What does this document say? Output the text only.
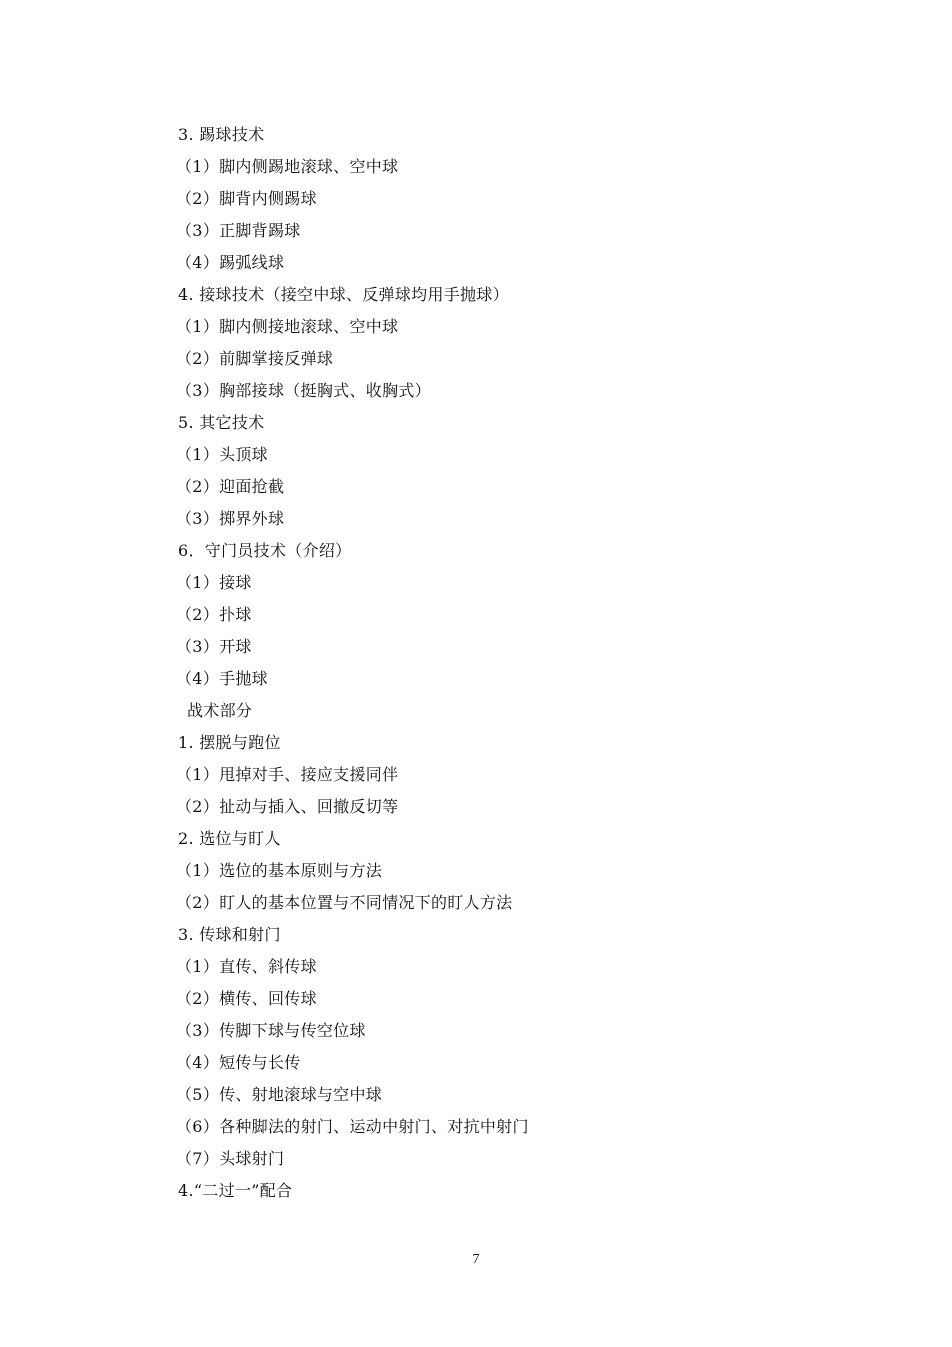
3. 踢球技术
（1）脚内侧踢地滚球、空中球
（2）脚背内侧踢球
（3）正脚背踢球
（4）踢弧线球
4. 接球技术（接空中球、反弹球均用手抛球）
（1）脚内侧接地滚球、空中球
（2）前脚掌接反弹球
（3）胸部接球（挺胸式、收胸式）
5. 其它技术
（1）头顶球
（2）迎面抢截
（3）掷界外球
6．守门员技术（介绍）
（1）接球
（2）扑球
（3）开球
（4）手抛球
战术部分
1. 摆脱与跑位
（1）甩掉对手、接应支援同伴
（2）扯动与插入、回撤反切等
2. 选位与盯人
（1）选位的基本原则与方法
（2）盯人的基本位置与不同情况下的盯人方法
3. 传球和射门
（1）直传、斜传球
（2）横传、回传球
（3）传脚下球与传空位球
（4）短传与长传
（5）传、射地滚球与空中球
（6）各种脚法的射门、运动中射门、对抗中射门
（7）头球射门
4.“二过一”配合
7
